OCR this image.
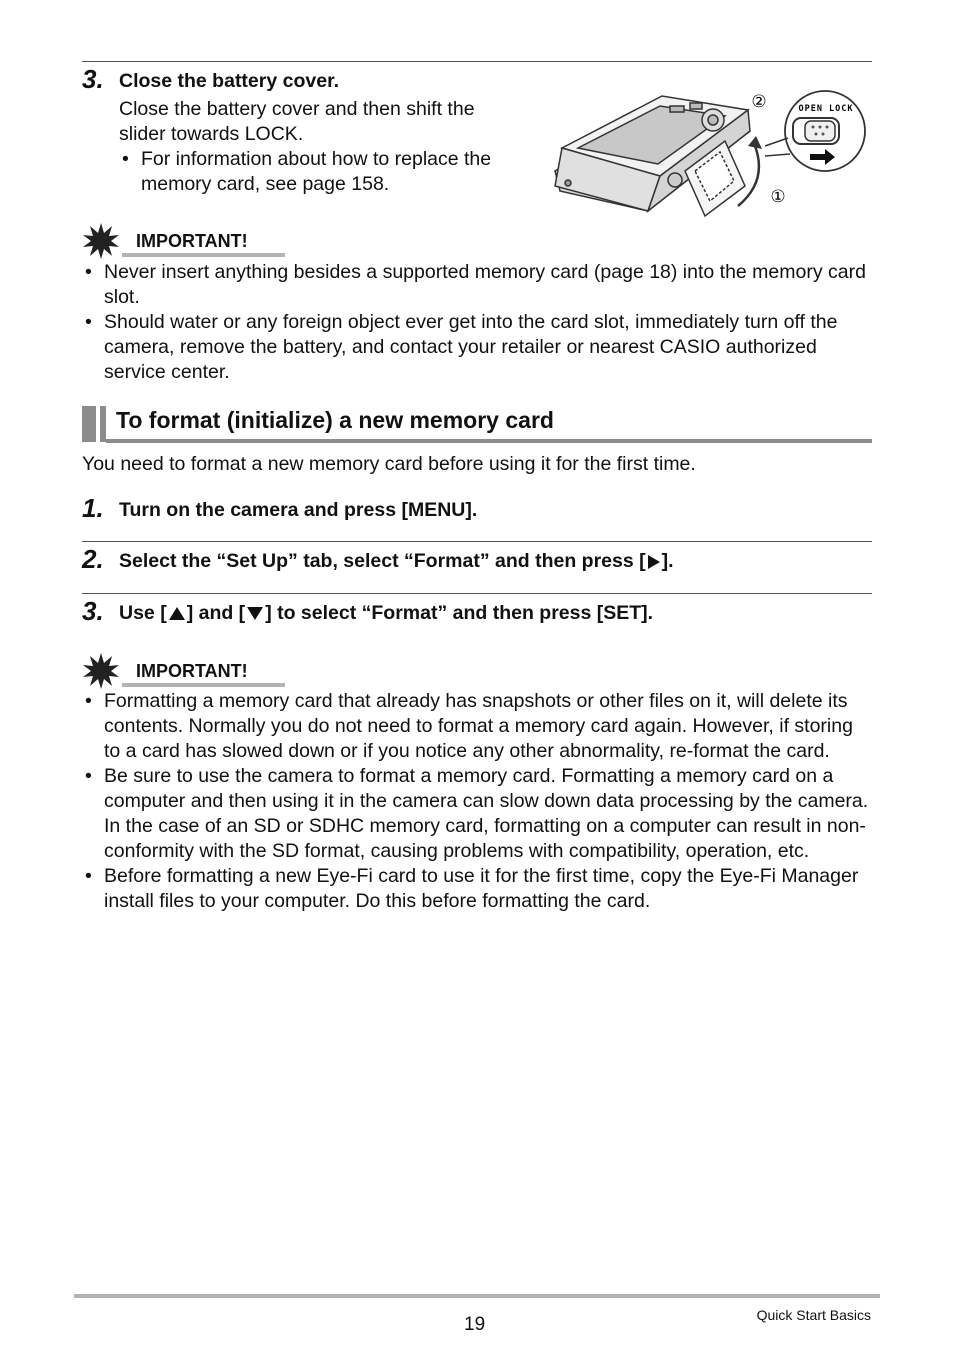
3. Close the battery cover.
Close the battery cover and then shift the
slider towards LOCK.
• For information about how to replace the
memory card, see page 158.
OPEN LOCK
②
①
IMPORTANT!
• Never insert anything besides a supported memory card (page 18) into the memory card slot.
• Should water or any foreign object ever get into the card slot, immediately turn off the camera, remove the battery, and contact your retailer or nearest CASIO authorized service center.
To format (initialize) a new memory card
You need to format a new memory card before using it for the first time.
1. Turn on the camera and press [MENU].
2. Select the “Set Up” tab, select “Format” and then press [ ].
3. Use [ ] and [ ] to select “Format” and then press [SET].
IMPORTANT!
• Formatting a memory card that already has snapshots or other files on it, will delete its contents. Normally you do not need to format a memory card again. However, if storing to a card has slowed down or if you notice any other abnormality, re-format the card.
• Be sure to use the camera to format a memory card. Formatting a memory card on a computer and then using it in the camera can slow down data processing by the camera. In the case of an SD or SDHC memory card, formatting on a computer can result in non-conformity with the SD format, causing problems with compatibility, operation, etc.
• Before formatting a new Eye-Fi card to use it for the first time, copy the Eye-Fi Manager install files to your computer. Do this before formatting the card.
19	Quick Start Basics
